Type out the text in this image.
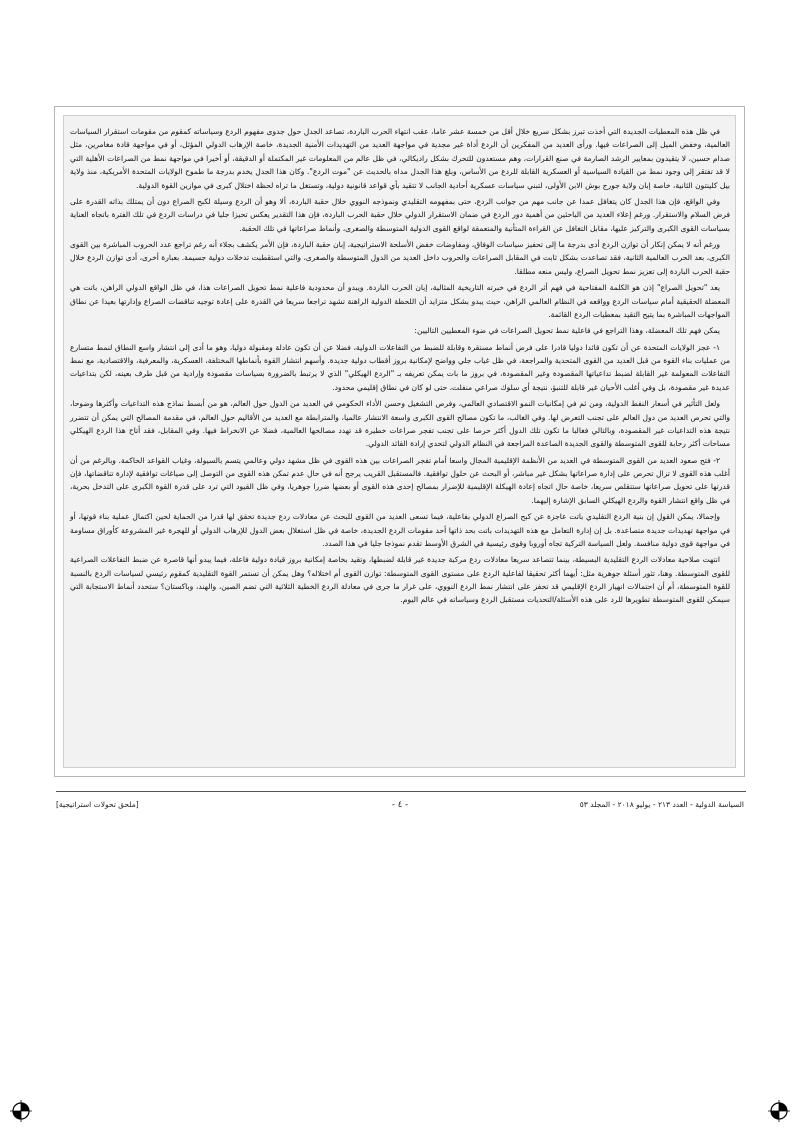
في ظل هذه المعطيات الجديدة التي أخذت تبرز بشكل سريع خلال أقل من خمسة عشر عاما، عقب انتهاء الحرب الباردة، تصاعد الجدل حول جدوى مفهوم الردع وسياساته كمقوم من مقومات استقرار السياسات العالمية، وخفض الميل إلى الصراعات فيها. ورأى العديد من المفكرين أن الردع أداة غير مجدية في مواجهة العديد من التهديدات الأمنية الجديدة، خاصة الإرهاب الدولي المؤثل، أو في مواجهة قادة مغامرين، مثل صدام حسين، لا يتقيدون بمعايير الرشد الصارمة في صنع القرارات، وهم مستعدون للتحرك بشكل راديكالي، في ظل عالم من المعلومات غير المكتملة أو الدقيقة، أو أخيرا في مواجهة نمط من الصراعات الأهلية التي لا قد تفتقر إلى وجود نمط من القيادة السياسية أو العسكرية القابلة للردع من الأساس، وبلغ هذا الجدل مداه بالحديث عن "موت الردع". وكان هذا الجدل يخدم بدرجة ما طموح الولايات المتحدة الأمريكية، منذ ولاية بيل كلينتون الثانية، خاصة إبان ولاية جورج بوش الابن الأولى، لتبني سياسات عسكرية أحادية الجانب لا تتقيد بأي قواعد قانونية دولية، وتستغل ما تراه لحظة اختلال كبرى في موازين القوة الدولية.

وفي الواقع، فإن هذا الجدل كان يتغافل عمدا عن جانب مهم من جوانب الردع، حتى بمفهومه التقليدي ونموذجه النووي خلال حقبة الباردة، ألا وهو أن الردع وسيلة لكبح الصراع دون أن يمتلك بذاته القدرة على فرض السلام والاستقرار. ورغم إعلاء العديد من الباحثين من أهمية دور الردع في ضمان الاستقرار الدولي خلال حقبة الحرب الباردة، فإن هذا التقدير يعكس تحيزا جليا في دراسات الردع في تلك الفترة باتجاه العناية بسياسات القوى الكبرى والتركيز عليها، مقابل التغافل عن القراءة المتأنية والمتعمقة لواقع القوى الدولية المتوسطة والصغرى، وأنماط صراعاتها في تلك الحقبة.

ورغم أنه لا يمكن إنكار أن توازن الردع أدى بدرجة ما إلى تحفيز سياسات الوفاق، ومفاوضات خفض الأسلحة الاستراتيجية، إبان حقبة الباردة، فإن الأمر يكشف بجلاء أنه رغم تراجع عدد الحروب المباشرة بين القوى الكبرى، بعد الحرب العالمية الثانية، فقد تصاعدت بشكل ثابت في المقابل الصراعات والحروب داخل العديد من الدول المتوسطة والصغرى، والتي استقطبت تدخلات دولية جسيمة. بعبارة أخرى، أدى توازن الردع خلال حقبة الحرب الباردة إلى تعزيز نمط تحويل الصراع، وليس منعه مطلقا.

يعد "تحويل الصراع" إذن هو الكلمة المفتاحية في فهم أثر الردع في خبرته التاريخية المثالية، إبان الحرب الباردة. ويبدو أن محدودية فاعلية نمط تحويل الصراعات هذا، في ظل الواقع الدولي الراهن، باتت هي المعضلة الحقيقية أمام سياسات الردع وواقعه في النظام العالمي الراهن، حيث يبدو بشكل متزايد أن اللحظة الدولية الراهنة تشهد تراجعا سريعا في القدرة على إعادة توجيه تناقضات الصراع وإدارتها بعيدا عن نطاق المواجهات المباشرة بما يتيح التقيد بمعطيات الردع القائمة.

يمكن فهم تلك المعضلة، وهذا التراجع في فاعلية نمط تحويل الصراعات في ضوء المعطيين التاليين:

١- عجز الولايات المتحدة عن أن تكون قائدا دوليا قادرا على فرض أنماط مستقرة وقابلة للضبط من التفاعلات الدولية، فضلا عن أن تكون عادلة ومقبولة دوليا، وهو ما أدى إلى انتشار واسع النطاق لنمط متسارع من عمليات بناء القوة من قبل العديد من القوى المتحدية والمراجعة، في ظل غياب جلي وواضح لإمكانية بروز أقطاب دولية جديدة. وأسهم انتشار القوة بأنماطها المختلفة، العسكرية، والمعرفية، والاقتصادية، مع نمط التفاعلات المعولمة غير القابلة لضبط تداعياتها المقصودة وغير المقصودة، في بروز ما بات يمكن تعريفه بـ "الردع الهيكلي" الذي لا يرتبط بالضرورة بسياسات مقصودة وإرادية من قبل طرف بعينه، لكن بتداعيات عديدة غير مقصودة، بل وفي أغلب الأحيان غير قابلة للتنبؤ، نتيجة أي سلوك صراعي منفلت، حتى لو كان في نطاق إقليمي محدود.

ولعل التأثير في أسعار النفط الدولية، ومن ثم في إمكانيات النمو الاقتصادي العالمي، وفرص التشغيل وحسن الأداء الحكومي في العديد من الدول حول العالم، هو من أبسط نماذج هذه التداعيات وأكثرها وضوحا، والتي تحرص العديد من دول العالم على تجنب التعرض لها. وفي الغالب، ما تكون مصالح القوى الكبرى واسعة الانتشار عالميا، والمترابطة مع العديد من الأقاليم حول العالم، في مقدمة المصالح التي يمكن أن تتضرر نتيجة هذه التداعيات غير المقصودة، وبالتالي فغالبا ما تكون تلك الدول أكثر حرصا على تجنب تفجر صراعات خطيرة قد تهدد مصالحها العالمية، فضلا عن الانخراط فيها. وفي المقابل، فقد أتاح هذا الردع الهيكلي مساحات أكثر رحابة للقوى المتوسطة والقوى الجديدة الصاعدة المراجعة في النظام الدولي لتحدي إرادة القائد الدولي.

٢- فتح صعود العديد من القوى المتوسطة في العديد من الأنظمة الإقليمية المجال واسعا أمام تفجر الصراعات بين هذه القوى في ظل مشهد دولي وعالمي يتسم بالسيولة، وغياب القواعد الحاكمة. وبالرغم من أن أغلب هذه القوى لا تزال تحرص على إدارة صراعاتها بشكل غير مباشر، أو البحث عن حلول توافقية. فالمستقبل القريب يرجح أنه في حال عدم تمكن هذه القوى من التوصل إلى صياغات توافقية لإدارة تناقضاتها، فإن قدرتها على تحويل صراعاتها ستتقلص سريعا، خاصة حال اتجاه إعادة الهيكلة الإقليمية للإضرار بمصالح إحدى هذه القوى أو بعضها ضررا جوهريا، وفي ظل القيود التي ترد على قدرة القوة الكبرى على التدخل بحرية، في ظل واقع انتشار القوة والردع الهيكلي السابق الإشارة إليهما.

وإجمالا، يمكن القول إن بنية الردع التقليدي باتت عاجزة عن كبح الصراع الدولي بفاعلية، فيما تسعى العديد من القوى للبحث عن معادلات ردع جديدة تحقق لها قدرا من الحماية لحين اكتمال عملية بناء قوتها، أو في مواجهة تهديدات جديدة متصاعدة. بل إن إدارة التعامل مع هذه التهديدات باتت بحد ذاتها أحد مقومات الردع الجديدة، خاصة في ظل استغلال بعض الدول للإرهاب الدولي أو للهجرة غير المشروعة كأوراق مساومة في مواجهة قوى دولية منافسة. ولعل السياسة التركية تجاه أوروبا وقوى رئيسية في الشرق الأوسط تقدم نموذجا جليا في هذا الصدد.

انتهت صلاحية معادلات الردع التقليدية البسيطة، بينما تتصاعد سريعا معادلات ردع مركبة جديدة غير قابلة لضبطها، وتقيد بخاصة إمكانية بروز قيادة دولية فاعلة، فيما يبدو أنها قاصرة عن ضبط التفاعلات الصراعية للقوى المتوسطة. وهنا، تثور أسئلة جوهرية مثل: أيهما أكثر تحقيقا لفاعلية الردع على مستوى القوى المتوسطة: توازن القوى أم اختلاله؟ وهل يمكن أن تستمر القوة التقليدية كمقوم رئيسي لسياسات الردع بالنسبة للقوة المتوسطة، أم أن احتمالات انهيار الردع الإقليمي قد تحفز على انتشار نمط الردع النووي، على غرار ما جرى في معادلة الردع الخطية الثلاثية التي تضم الصين، والهند، وباكستان؟ ستحدد أنماط الاستجابة التي سيمكن للقوى المتوسطة تطويرها للرد على هذه الأسئلة/التحديات مستقبل الردع وسياساته في عالم اليوم.

السياسة الدولية - العدد ٢١٣ - يوليو ٢٠١٨ - المجلد ٥٣
- ٤ -
[ملحق تحولات استراتيجية]
